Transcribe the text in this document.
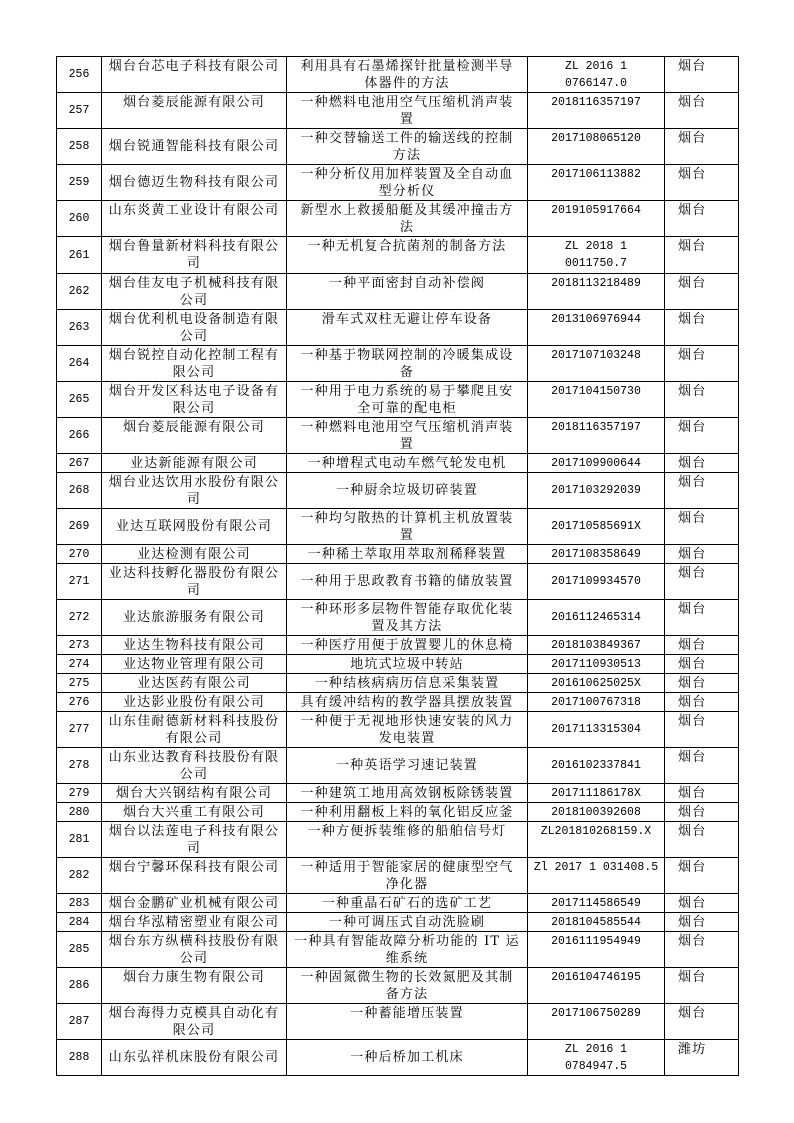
256	烟台台芯电子科技有限公司	利用具有石墨烯探针批量检测半导体器件的方法	ZL 2016 1 0766147.0	烟台
257	烟台菱辰能源有限公司	一种燃料电池用空气压缩机消声装置	2018116357197	烟台
258	烟台锐通智能科技有限公司	一种交替输送工件的输送线的控制方法	2017108065120	烟台
259	烟台德迈生物科技有限公司	一种分析仪用加样装置及全自动血型分析仪	2017106113882	烟台
260	山东炎黄工业设计有限公司	新型水上救援船艇及其缓冲撞击方法	2019105917664	烟台
261	烟台鲁量新材料科技有限公司	一种无机复合抗菌剂的制备方法	ZL 2018 1 0011750.7	烟台
262	烟台佳友电子机械科技有限公司	一种平面密封自动补偿阀	2018113218489	烟台
263	烟台优利机电设备制造有限公司	滑车式双柱无避让停车设备	2013106976944	烟台
264	烟台锐控自动化控制工程有限公司	一种基于物联网控制的冷暖集成设备	2017107103248	烟台
265	烟台开发区科达电子设备有限公司	一种用于电力系统的易于攀爬且安全可靠的配电柜	2017104150730	烟台
266	烟台菱辰能源有限公司	一种燃料电池用空气压缩机消声装置	2018116357197	烟台
267	业达新能源有限公司	一种增程式电动车燃气轮发电机	2017109900644	烟台
268	烟台业达饮用水股份有限公司	一种厨余垃圾切碎装置	2017103292039	烟台
269	业达互联网股份有限公司	一种均匀散热的计算机主机放置装置	201710585691X	烟台
270	业达检测有限公司	一种稀土萃取用萃取剂稀释装置	2017108358649	烟台
271	业达科技孵化器股份有限公司	一种用于思政教育书籍的储放装置	2017109934570	烟台
272	业达旅游服务有限公司	一种环形多层物件智能存取优化装置及其方法	2016112465314	烟台
273	业达生物科技有限公司	一种医疗用便于放置婴儿的休息椅	2018103849367	烟台
274	业达物业管理有限公司	地坑式垃圾中转站	2017110930513	烟台
275	业达医药有限公司	一种结核病病历信息采集装置	201610625025X	烟台
276	业达影业股份有限公司	具有缓冲结构的教学器具摆放装置	2017100767318	烟台
277	山东佳耐德新材料科技股份有限公司	一种便于无视地形快速安装的风力发电装置	2017113315304	烟台
278	山东业达教育科技股份有限公司	一种英语学习速记装置	2016102337841	烟台
279	烟台大兴钢结构有限公司	一种建筑工地用高效钢板除锈装置	201711186178X	烟台
280	烟台大兴重工有限公司	一种利用翻板上料的氧化铝反应釜	2018100392608	烟台
281	烟台以法莲电子科技有限公司	一种方便拆装维修的船舶信号灯	ZL201810268159.X	烟台
282	烟台宁馨环保科技有限公司	一种适用于智能家居的健康型空气净化器	Zl 2017 1 031408.5	烟台
283	烟台金鹏矿业机械有限公司	一种重晶石矿石的选矿工艺	2017114586549	烟台
284	烟台华泓精密塑业有限公司	一种可调压式自动洗脸刷	2018104585544	烟台
285	烟台东方纵横科技股份有限公司	一种具有智能故障分析功能的 IT 运维系统	2016111954949	烟台
286	烟台力康生物有限公司	一种固氮微生物的长效氮肥及其制备方法	2016104746195	烟台
287	烟台海得力克模具自动化有限公司	一种蓄能增压装置	2017106750289	烟台
288	山东弘祥机床股份有限公司	一种后桥加工机床	ZL 2016 1 0784947.5	潍坊
